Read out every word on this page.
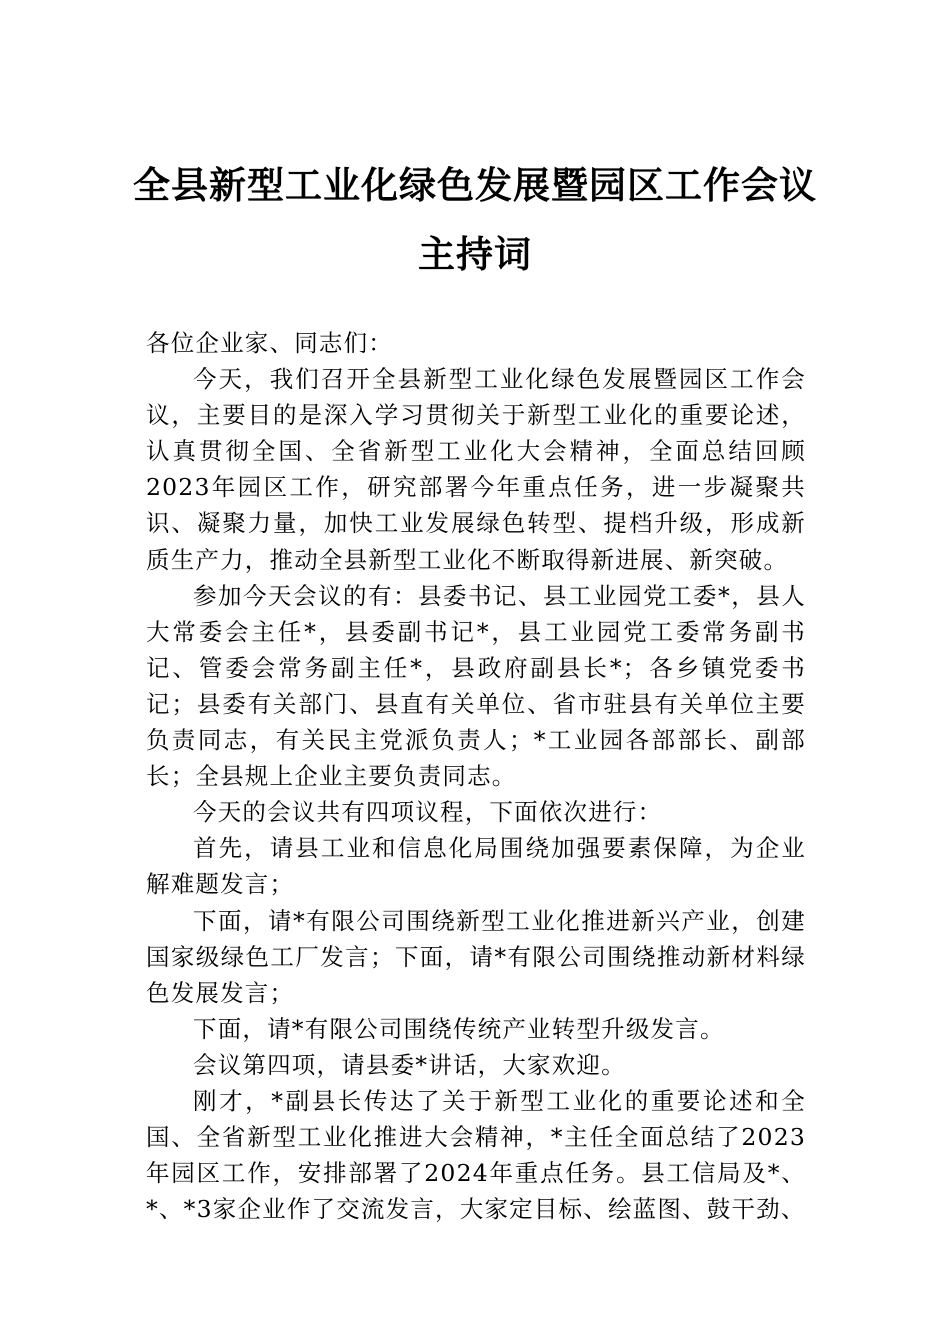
全县新型工业化绿色发展暨园区工作会议
主持词

各位企业家、同志们：

今天，我们召开全县新型工业化绿色发展暨园区工作会议，主要目的是深入学习贯彻关于新型工业化的重要论述，认真贯彻全国、全省新型工业化大会精神，全面总结回顾2023年园区工作，研究部署今年重点任务，进一步凝聚共识、凝聚力量，加快工业发展绿色转型、提档升级，形成新质生产力，推动全县新型工业化不断取得新进展、新突破。

参加今天会议的有：县委书记、县工业园党工委*，县人大常委会主任*，县委副书记*，县工业园党工委常务副书记、管委会常务副主任*，县政府副县长*；各乡镇党委书记；县委有关部门、县直有关单位、省市驻县有关单位主要负责同志，有关民主党派负责人；*工业园各部部长、副部长；全县规上企业主要负责同志。

今天的会议共有四项议程，下面依次进行：

首先，请县工业和信息化局围绕加强要素保障，为企业解难题发言；

下面，请*有限公司围绕新型工业化推进新兴产业，创建国家级绿色工厂发言；下面，请*有限公司围绕推动新材料绿色发展发言；

下面，请*有限公司围绕传统产业转型升级发言。

会议第四项，请县委*讲话，大家欢迎。

刚才，*副县长传达了关于新型工业化的重要论述和全国、全省新型工业化推进大会精神，*主任全面总结了2023年园区工作，安排部署了2024年重点任务。县工信局及*、*、*3家企业作了交流发言，大家定目标、绘蓝图、鼓干劲、
